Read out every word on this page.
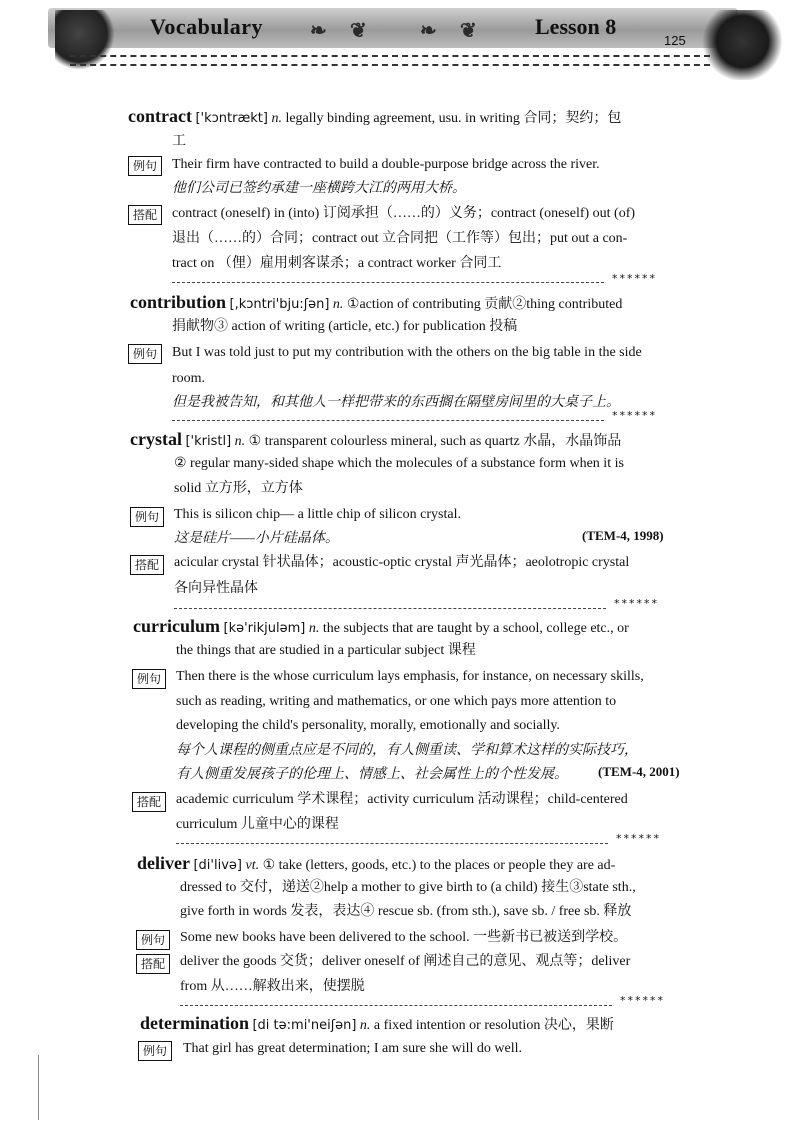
Vocabulary ❧ ❦	❧ ❦	Lesson 8
125
contract ['kɔntrækt] n. legally binding agreement, usu. in writing 合同；契约；包
工
例句	Their firm have contracted to build a double-purpose bridge across the river.
他们公司已签约承建一座横跨大江的两用大桥。
搭配	contract (oneself) in (into) 订阅承担（……的）义务；contract (oneself) out (of)
退出（……的）合同；contract out 立合同把（工作等）包出；put out a con-
tract on （俚）雇用刺客谋杀；a contract worker 合同工
******
contribution [,kɔntri'bju:ʃən] n. ①action of contributing 贡献②thing contributed
捐献物③ action of writing (article, etc.) for publication 投稿
例句	But I was told just to put my contribution with the others on the big table in the side
room.
但是我被告知，和其他人一样把带来的东西搁在隔壁房间里的大桌子上。
******
crystal ['kristl] n. ① transparent colourless mineral, such as quartz 水晶，水晶饰品
② regular many-sided shape which the molecules of a substance form when it is
solid 立方形，立方体
例句	This is silicon chip— a little chip of silicon crystal.
这是硅片——小片硅晶体。	(TEM-4, 1998)
搭配	acicular crystal 针状晶体；acoustic-optic crystal 声光晶体；aeolotropic crystal
各向异性晶体
******
curriculum [kə'rikjuləm] n. the subjects that are taught by a school, college etc., or
the things that are studied in a particular subject 课程
例句	Then there is the whose curriculum lays emphasis, for instance, on necessary skills,
such as reading, writing and mathematics, or one which pays more attention to
developing the child's personality, morally, emotionally and socially.
每个人课程的侧重点应是不同的，有人侧重读、学和算术这样的实际技巧，
有人侧重发展孩子的伦理上、情感上、社会属性上的个性发展。 (TEM-4, 2001)
搭配	academic curriculum 学术课程；activity curriculum 活动课程；child-centered
curriculum 儿童中心的课程
******
deliver [di'livə] vt. ① take (letters, goods, etc.) to the places or people they are ad-
dressed to 交付，递送②help a mother to give birth to (a child) 接生③state sth.,
give forth in words 发表，表达④ rescue sb. (from sth.), save sb. / free sb. 释放
例句	Some new books have been delivered to the school. 一些新书已被送到学校。
搭配	deliver the goods 交货；deliver oneself of 阐述自己的意见、观点等；deliver
from 从……解救出来，使摆脱
******
determination [di tə:mi'neiʃən] n. a fixed intention or resolution 决心，果断
例句	That girl has great determination; I am sure she will do well.
